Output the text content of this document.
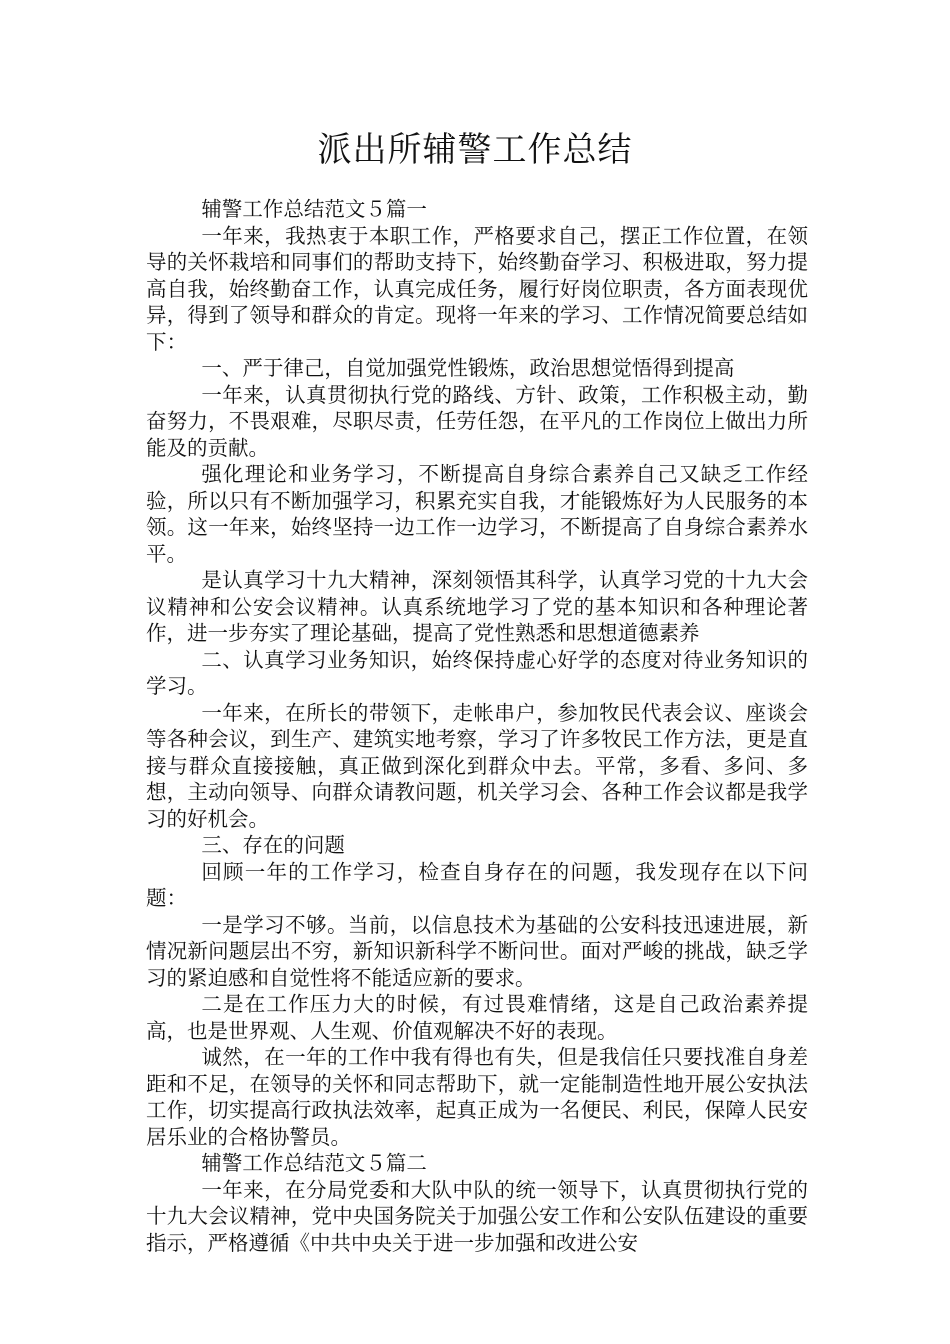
派出所辅警工作总结

辅警工作总结范文５篇一

一年来，我热衷于本职工作，严格要求自己，摆正工作位置，在领导的关怀栽培和同事们的帮助支持下，始终勤奋学习、积极进取，努力提高自我，始终勤奋工作，认真完成任务，履行好岗位职责，各方面表现优异，得到了领导和群众的肯定。现将一年来的学习、工作情况简要总结如下：

一、严于律己，自觉加强党性锻炼，政治思想觉悟得到提高

一年来，认真贯彻执行党的路线、方针、政策，工作积极主动，勤奋努力，不畏艰难，尽职尽责，任劳任怨，在平凡的工作岗位上做出力所能及的贡献。

强化理论和业务学习，不断提高自身综合素养自己又缺乏工作经验，所以只有不断加强学习，积累充实自我，才能锻炼好为人民服务的本领。这一年来，始终坚持一边工作一边学习，不断提高了自身综合素养水平。

是认真学习十九大精神，深刻领悟其科学，认真学习党的十九大会议精神和公安会议精神。认真系统地学习了党的基本知识和各种理论著作，进一步夯实了理论基础，提高了党性熟悉和思想道德素养

二、认真学习业务知识，始终保持虚心好学的态度对待业务知识的学习。

一年来，在所长的带领下，走帐串户，参加牧民代表会议、座谈会等各种会议，到生产、建筑实地考察，学习了许多牧民工作方法，更是直接与群众直接接触，真正做到深化到群众中去。平常，多看、多问、多想，主动向领导、向群众请教问题，机关学习会、各种工作会议都是我学习的好机会。

三、存在的问题

回顾一年的工作学习，检查自身存在的问题，我发现存在以下问题：

一是学习不够。当前，以信息技术为基础的公安科技迅速进展，新情况新问题层出不穷，新知识新科学不断问世。面对严峻的挑战，缺乏学习的紧迫感和自觉性将不能适应新的要求。

二是在工作压力大的时候，有过畏难情绪，这是自己政治素养提高，也是世界观、人生观、价值观解决不好的表现。

诚然，在一年的工作中我有得也有失，但是我信任只要找准自身差距和不足，在领导的关怀和同志帮助下，就一定能制造性地开展公安执法工作，切实提高行政执法效率，起真正成为一名便民、利民，保障人民安居乐业的合格协警员。

辅警工作总结范文５篇二

一年来，在分局党委和大队中队的统一领导下，认真贯彻执行党的十九大会议精神，党中央国务院关于加强公安工作和公安队伍建设的重要指示，严格遵循《中共中央关于进一步加强和改进公安
